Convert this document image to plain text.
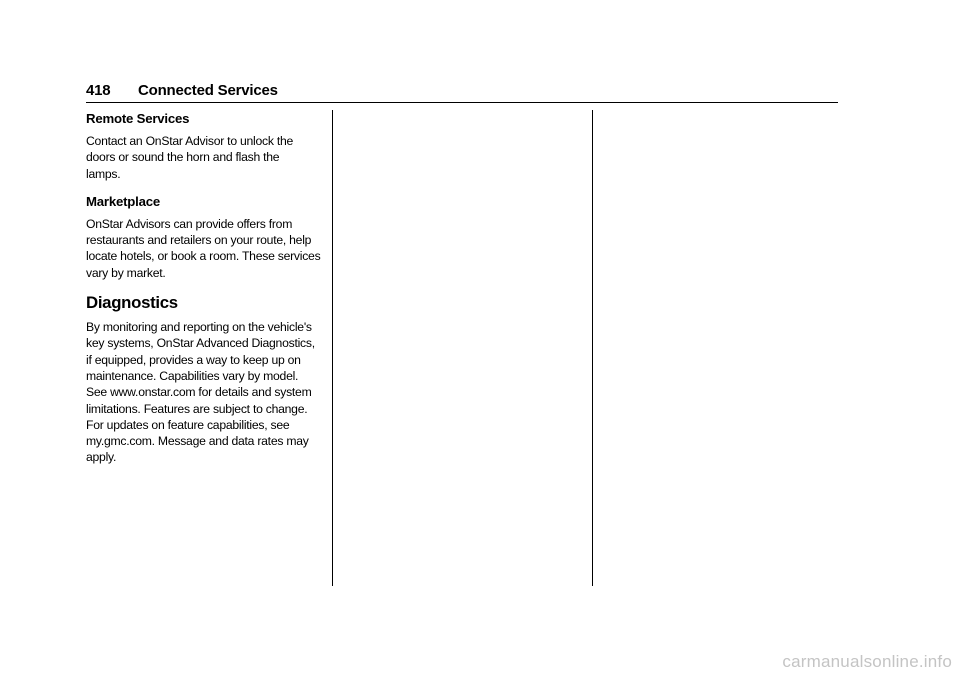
418 Connected Services
Remote Services
Contact an OnStar Advisor to unlock the
doors or sound the horn and flash the
lamps.
Marketplace
OnStar Advisors can provide offers from
restaurants and retailers on your route, help
locate hotels, or book a room. These services
vary by market.
Diagnostics
By monitoring and reporting on the vehicle's
key systems, OnStar Advanced Diagnostics,
if equipped, provides a way to keep up on
maintenance. Capabilities vary by model.
See www.onstar.com for details and system
limitations. Features are subject to change.
For updates on feature capabilities, see
my.gmc.com. Message and data rates may
apply.
carmanualsonline.info
